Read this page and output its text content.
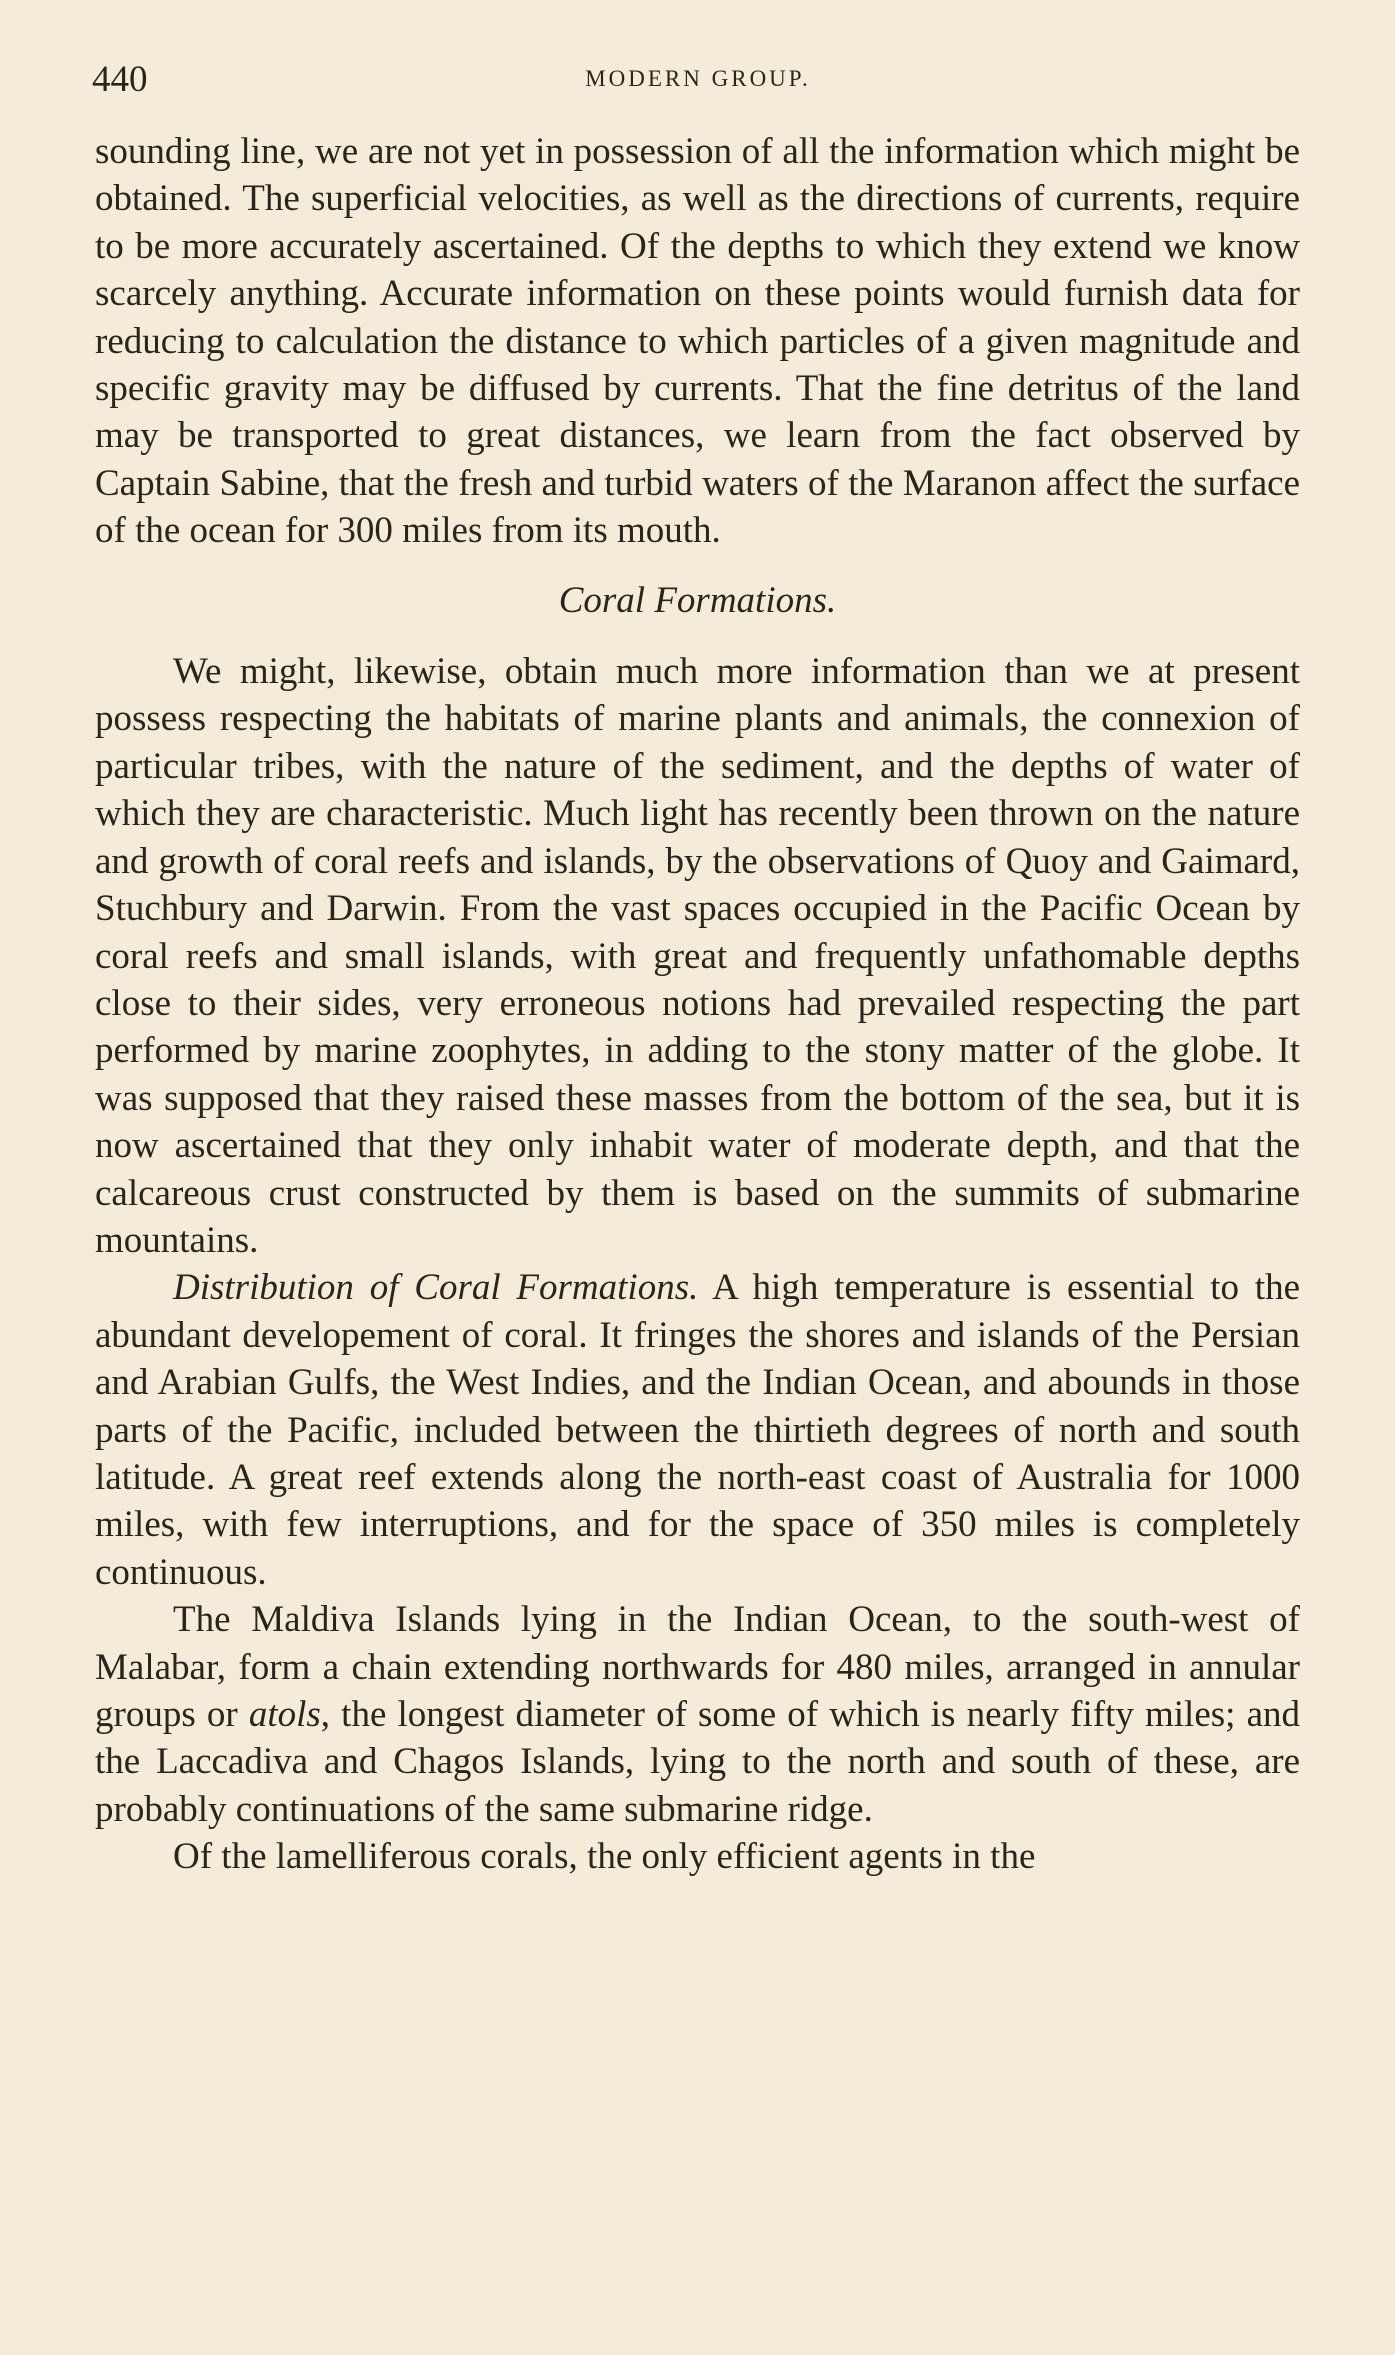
440	MODERN GROUP.

sounding line, we are not yet in possession of all the information which might be obtained. The superficial velocities, as well as the directions of currents, require to be more accurately ascertained. Of the depths to which they extend we know scarcely anything. Accurate information on these points would furnish data for reducing to calculation the distance to which particles of a given magnitude and specific gravity may be diffused by currents. That the fine detritus of the land may be transported to great distances, we learn from the fact observed by Captain Sabine, that the fresh and turbid waters of the Maranon affect the surface of the ocean for 300 miles from its mouth.

Coral Formations.

We might, likewise, obtain much more information than we at present possess respecting the habitats of marine plants and animals, the connexion of particular tribes, with the nature of the sediment, and the depths of water of which they are characteristic. Much light has recently been thrown on the nature and growth of coral reefs and islands, by the observations of Quoy and Gaimard, Stuchbury and Darwin. From the vast spaces occupied in the Pacific Ocean by coral reefs and small islands, with great and frequently unfathomable depths close to their sides, very erroneous notions had prevailed respecting the part performed by marine zoophytes, in adding to the stony matter of the globe. It was supposed that they raised these masses from the bottom of the sea, but it is now ascertained that they only inhabit water of moderate depth, and that the calcareous crust constructed by them is based on the summits of submarine mountains.

Distribution of Coral Formations. A high temperature is essential to the abundant developement of coral. It fringes the shores and islands of the Persian and Arabian Gulfs, the West Indies, and the Indian Ocean, and abounds in those parts of the Pacific, included between the thirtieth degrees of north and south latitude. A great reef extends along the north-east coast of Australia for 1000 miles, with few interruptions, and for the space of 350 miles is completely continuous.

The Maldiva Islands lying in the Indian Ocean, to the south-west of Malabar, form a chain extending northwards for 480 miles, arranged in annular groups or atols, the longest diameter of some of which is nearly fifty miles; and the Laccadiva and Chagos Islands, lying to the north and south of these, are probably continuations of the same submarine ridge.

Of the lamelliferous corals, the only efficient agents in the
